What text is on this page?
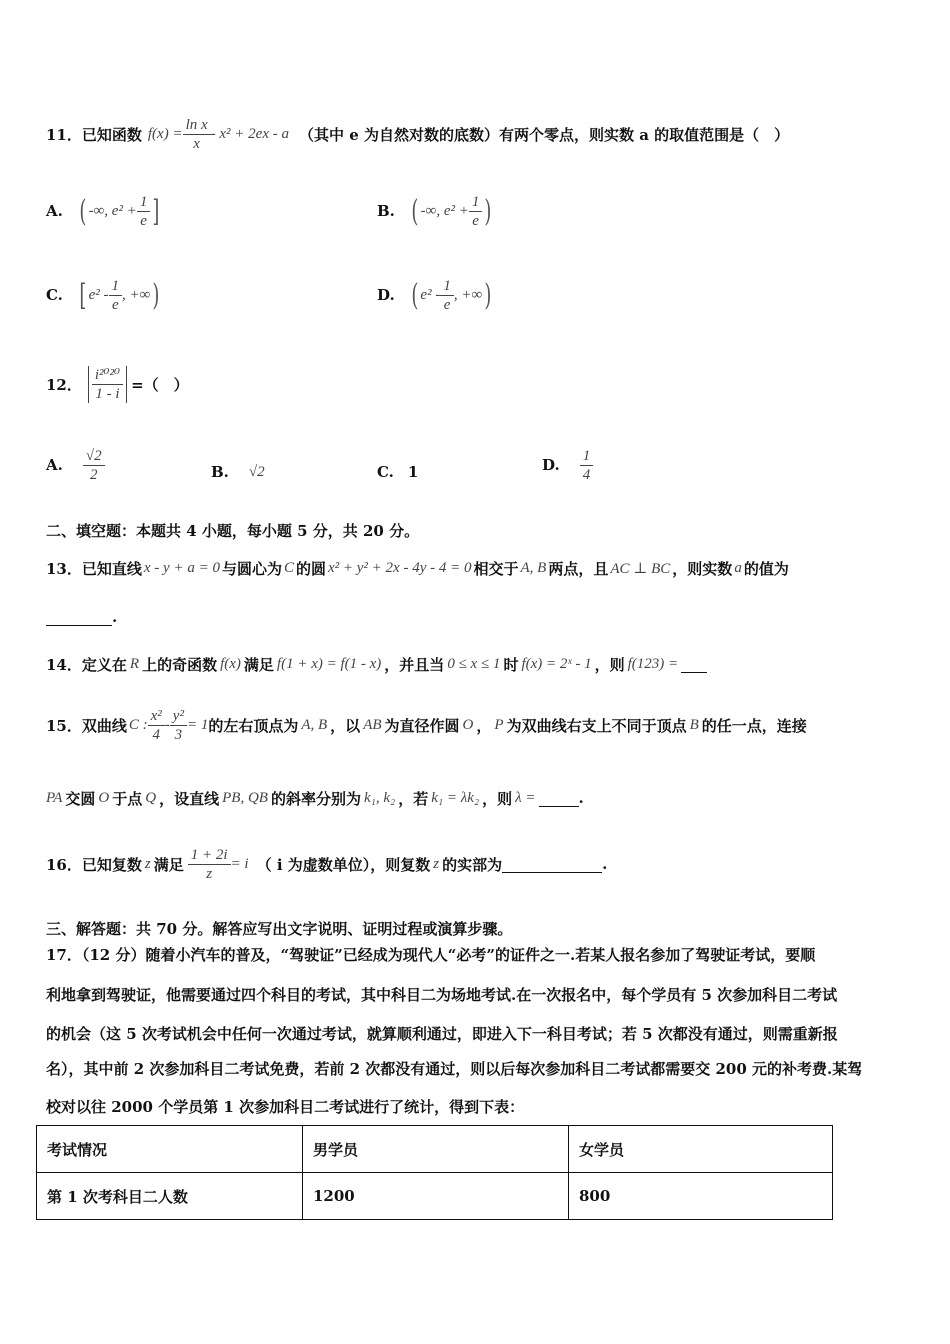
11． 已知函数 $f(x) = \frac{\text{ln x}}{x} - x^2 + 2ex - a$ （其中 e 为自然对数的底数）有两个零点，则实数 a 的取值范围是（　）
A. ( -∞, $e^2 + \frac{1}{e}$ ]	B. ( -∞, $e^2 + \frac{1}{e}$ )
C. [ $e^2 - \frac{1}{e}$ , +∞ )	D. ( $e^2 - \frac{1}{e}$ , +∞ )
12． $\frac{\text{i²⁰²⁰}}{1 - i}$ =（　）
A. $\frac{√2}{2}$	B. √2	C. 1	D. $\frac{1}{4}$
二、填空题：本题共 4 小题，每小题 5 分，共 20 分。
13． 已知直线 x - y + a = 0 与圆心为 C 的圆 x² + y² + 2x - 4y - 4 = 0 相交于 A, B 两点，且 AC ⊥ BC ，则实数 a 的值为
.
14． 定义在 R 上的奇函数 f(x) 满足 f(1 + x) = f(1 - x) ，并且当 0 ≤ x ≤ 1 时 f(x) = 2ˣ - 1 ，则 f(123) =
15． 双曲线 C : $\frac{\text{x²}}{4} - \frac{\text{y²}}{3} = 1$ 的左右顶点为 A, B ，以 AB 为直径作圆 O ， P 为双曲线右支上不同于顶点 B 的任一点，连接
PA 交圆 O 于点 Q ，设直线 PB, QB 的斜率分别为 k₁, k₂ ，若 k₁ = λk₂ ，则 λ =	.
16． 已知复数 z 满足 $\frac{1 + 2i}{z} = i$ （ i 为虚数单位），则复数 z 的实部为	.
三、解答题：共 70 分。解答应写出文字说明、证明过程或演算步骤。
17．（12 分）随着小汽车的普及，“驾驶证”已经成为现代人“必考”的证件之一.若某人报名参加了驾驶证考试，要顺
利地拿到驾驶证，他需要通过四个科目的考试，其中科目二为场地考试.在一次报名中，每个学员有 5 次参加科目二考试
的机会（这 5 次考试机会中任何一次通过考试，就算顺利通过，即进入下一科目考试；若 5 次都没有通过，则需重新报
名），其中前 2 次参加科目二考试免费，若前 2 次都没有通过，则以后每次参加科目二考试都需要交 200 元的补考费.某驾
校对以往 2000 个学员第 1 次参加科目二考试进行了统计，得到下表：
考试情况	男学员	女学员
第 1 次考科目二人数	1200	800
